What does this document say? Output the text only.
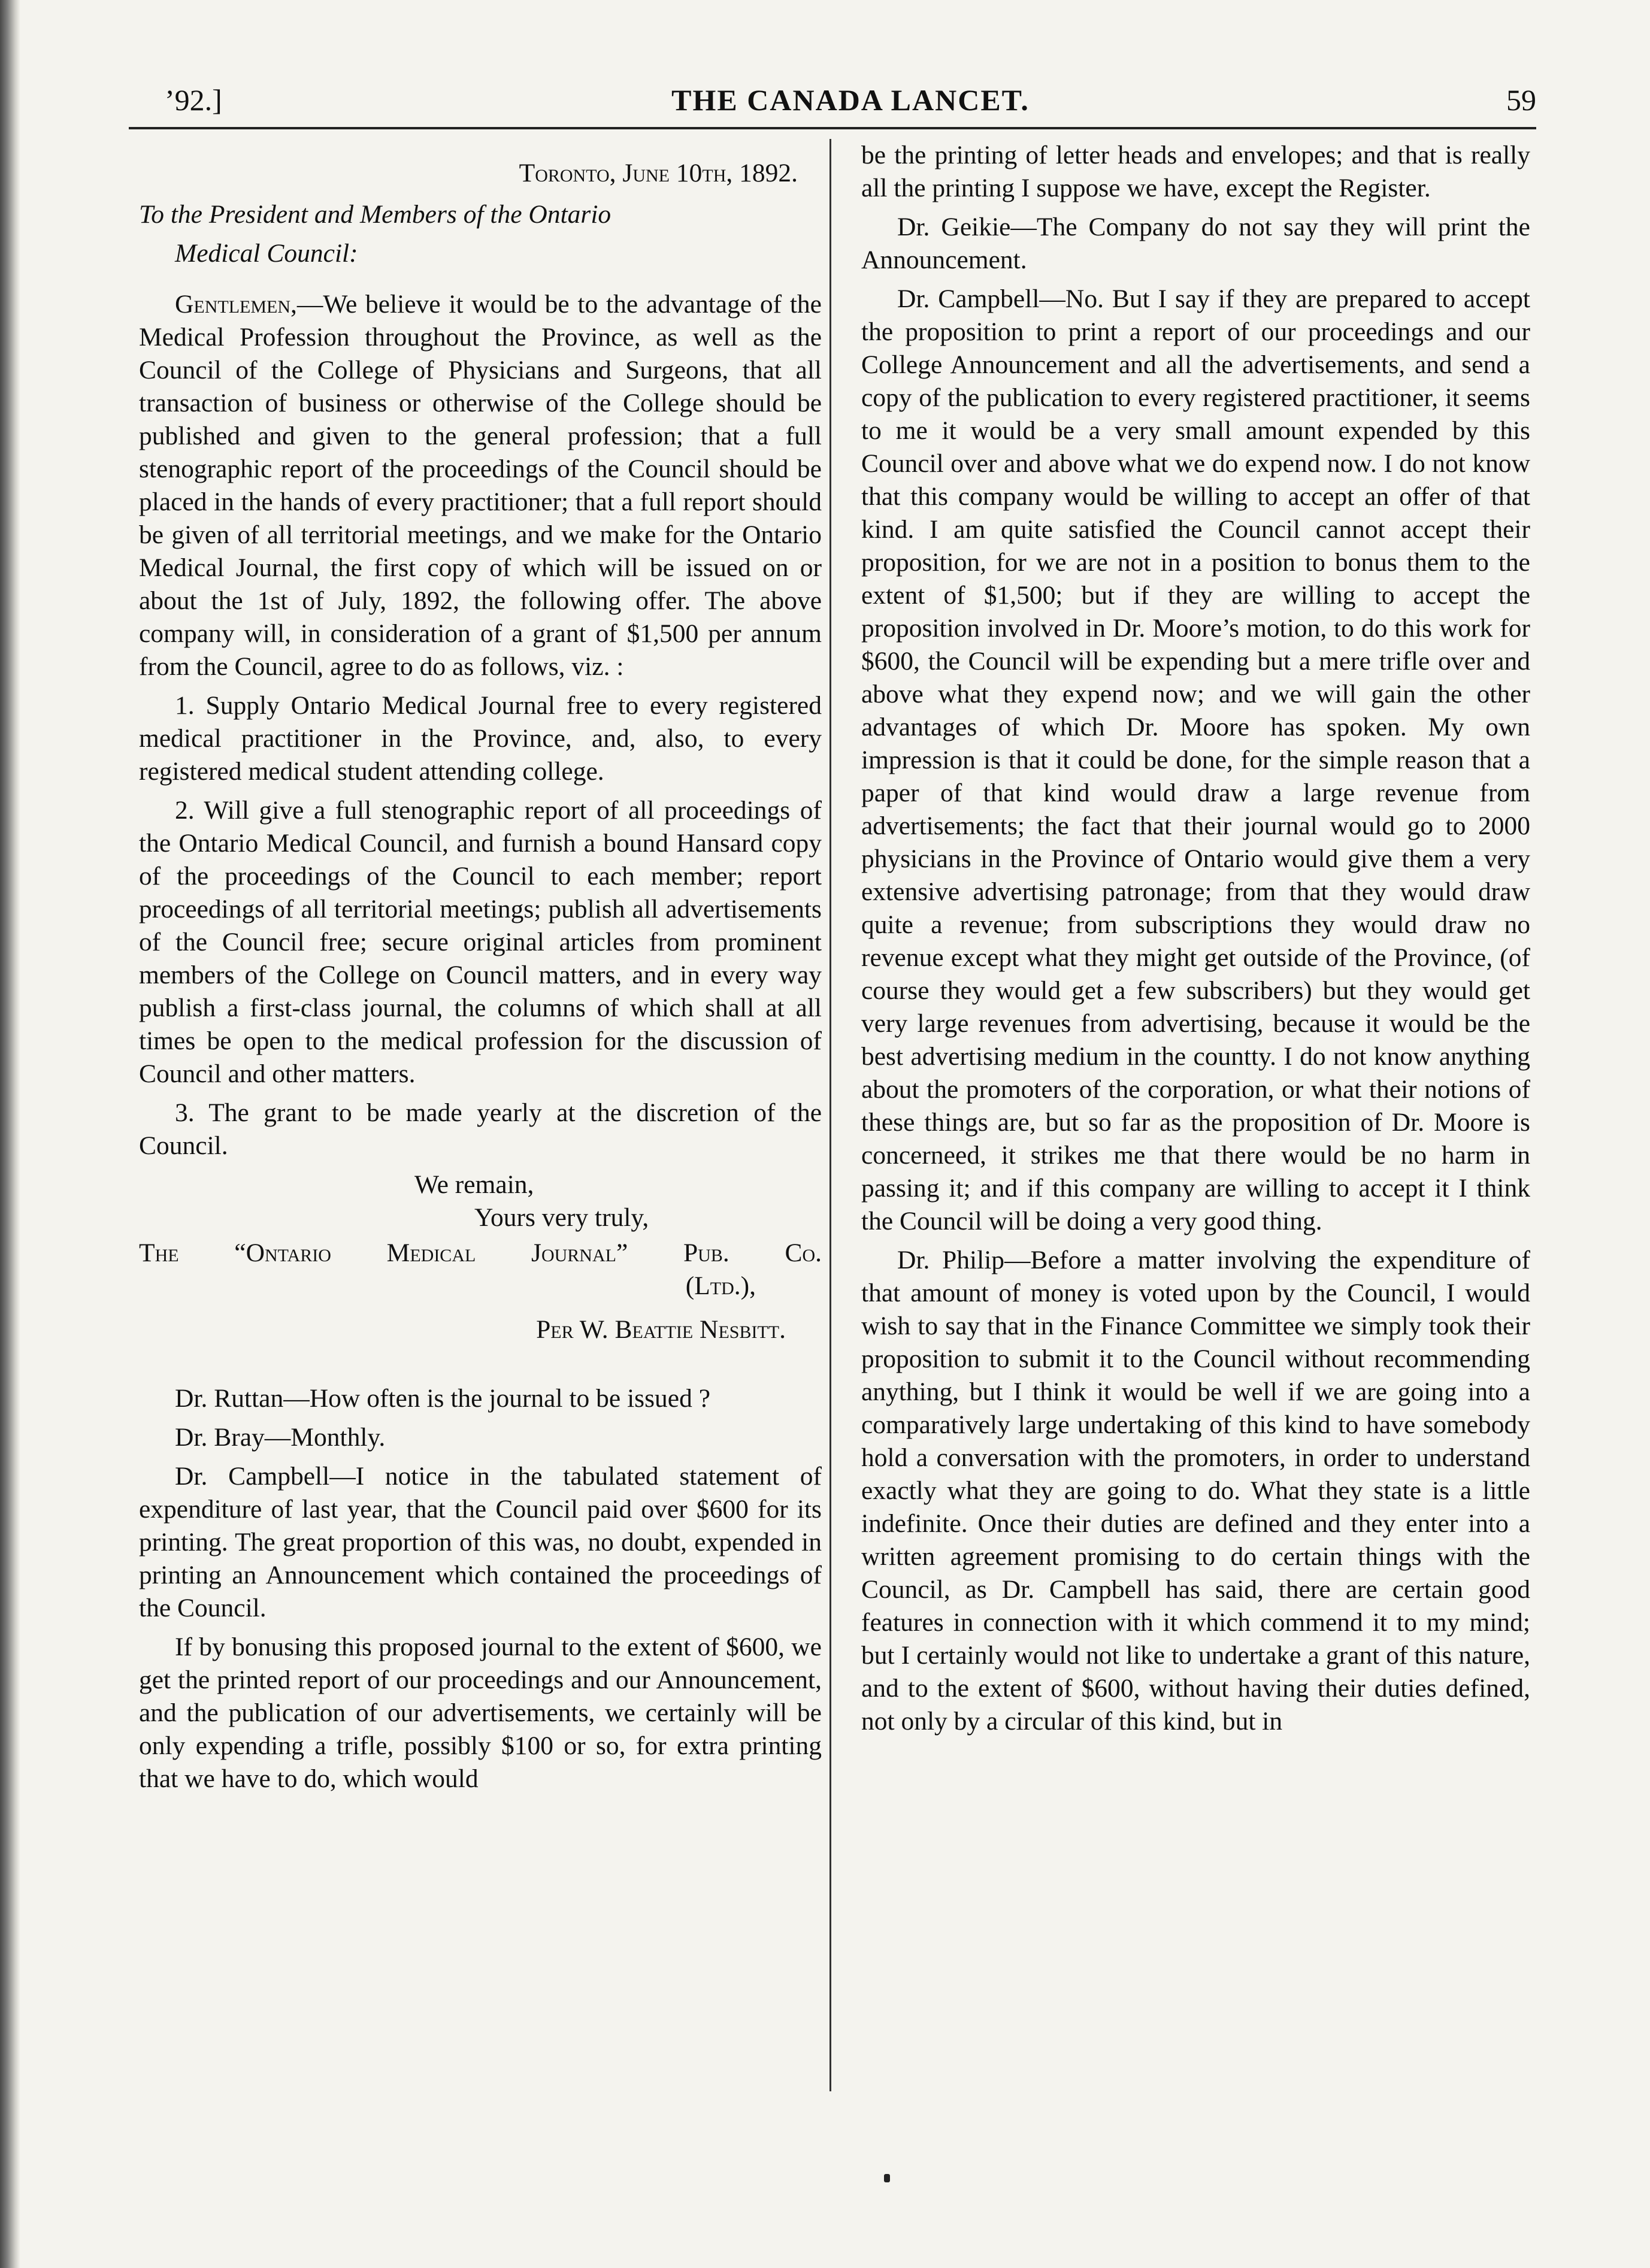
’92.]	THE CANADA LANCET.	59

Toronto, June 10th, 1892.

To the President and Members of the Ontario

Medical Council:

Gentlemen,—We believe it would be to the advantage of the Medical Profession throughout the Province, as well as the Council of the College of Physicians and Surgeons, that all transaction of business or otherwise of the College should be published and given to the general profession; that a full stenographic report of the proceedings of the Council should be placed in the hands of every practitioner; that a full report should be given of all territorial meetings, and we make for the Ontario Medical Journal, the first copy of which will be issued on or about the 1st of July, 1892, the following offer. The above company will, in consideration of a grant of $1,500 per annum from the Council, agree to do as follows, viz. :

1. Supply Ontario Medical Journal free to every registered medical practitioner in the Province, and, also, to every registered medical student attending college.

2. Will give a full stenographic report of all proceedings of the Ontario Medical Council, and furnish a bound Hansard copy of the proceedings of the Council to each member; report proceedings of all territorial meetings; publish all advertisements of the Council free; secure original articles from prominent members of the College on Council matters, and in every way publish a first-class journal, the columns of which shall at all times be open to the medical profession for the discussion of Council and other matters.

3. The grant to be made yearly at the discretion of the Council.

We remain,

Yours very truly,

The “Ontario Medical Journal” Pub. Co.

(Ltd.),

Per W. Beattie Nesbitt.

Dr. Ruttan—How often is the journal to be issued ?

Dr. Bray—Monthly.

Dr. Campbell—I notice in the tabulated statement of expenditure of last year, that the Council paid over $600 for its printing. The great proportion of this was, no doubt, expended in printing an Announcement which contained the proceedings of the Council.

If by bonusing this proposed journal to the extent of $600, we get the printed report of our proceedings and our Announcement, and the publication of our advertisements, we certainly will be only expending a trifle, possibly $100 or so, for extra printing that we have to do, which would

be the printing of letter heads and envelopes; and that is really all the printing I suppose we have, except the Register.

Dr. Geikie—The Company do not say they will print the Announcement.

Dr. Campbell—No. But I say if they are prepared to accept the proposition to print a report of our proceedings and our College Announcement and all the advertisements, and send a copy of the publication to every registered practitioner, it seems to me it would be a very small amount expended by this Council over and above what we do expend now. I do not know that this company would be willing to accept an offer of that kind. I am quite satisfied the Council cannot accept their proposition, for we are not in a position to bonus them to the extent of $1,500; but if they are willing to accept the proposition involved in Dr. Moore’s motion, to do this work for $600, the Council will be expending but a mere trifle over and above what they expend now; and we will gain the other advantages of which Dr. Moore has spoken. My own impression is that it could be done, for the simple reason that a paper of that kind would draw a large revenue from advertisements; the fact that their journal would go to 2000 physicians in the Province of Ontario would give them a very extensive advertising patronage; from that they would draw quite a revenue; from subscriptions they would draw no revenue except what they might get outside of the Province, (of course they would get a few subscribers) but they would get very large revenues from advertising, because it would be the best advertising medium in the countty. I do not know anything about the promoters of the corporation, or what their notions of these things are, but so far as the proposition of Dr. Moore is concerneed, it strikes me that there would be no harm in passing it; and if this company are willing to accept it I think the Council will be doing a very good thing.

Dr. Philip—Before a matter involving the expenditure of that amount of money is voted upon by the Council, I would wish to say that in the Finance Committee we simply took their proposition to submit it to the Council without recommending anything, but I think it would be well if we are going into a comparatively large undertaking of this kind to have somebody hold a conversation with the promoters, in order to understand exactly what they are going to do. What they state is a little indefinite. Once their duties are defined and they enter into a written agreement promising to do certain things with the Council, as Dr. Campbell has said, there are certain good features in connection with it which commend it to my mind; but I certainly would not like to undertake a grant of this nature, and to the extent of $600, without having their duties defined, not only by a circular of this kind, but in
